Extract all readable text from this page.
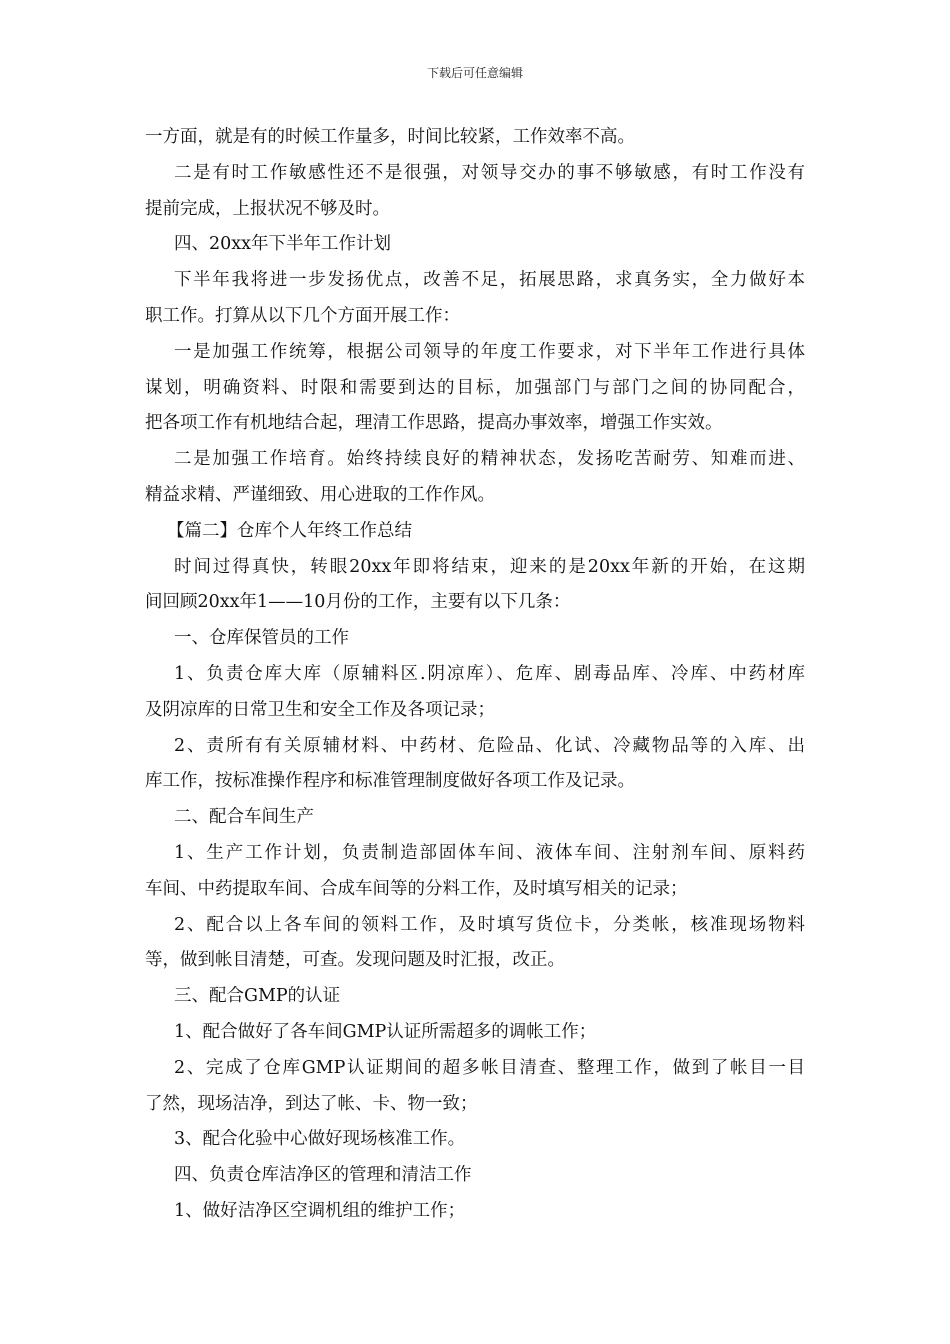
下载后可任意编辑
一方面，就是有的时候工作量多，时间比较紧，工作效率不高。
二是有时工作敏感性还不是很强，对领导交办的事不够敏感，有时工作没有
提前完成，上报状况不够及时。
四、20xx年下半年工作计划
下半年我将进一步发扬优点，改善不足，拓展思路，求真务实，全力做好本
职工作。打算从以下几个方面开展工作：
一是加强工作统筹，根据公司领导的年度工作要求，对下半年工作进行具体
谋划，明确资料、时限和需要到达的目标，加强部门与部门之间的协同配合，
把各项工作有机地结合起，理清工作思路，提高办事效率，增强工作实效。
二是加强工作培育。始终持续良好的精神状态，发扬吃苦耐劳、知难而进、
精益求精、严谨细致、用心进取的工作作风。
【篇二】仓库个人年终工作总结
时间过得真快，转眼20xx年即将结束，迎来的是20xx年新的开始，在这期
间回顾20xx年1——10月份的工作，主要有以下几条：
一、仓库保管员的工作
1、负责仓库大库（原辅料区.阴凉库）、危库、剧毒品库、冷库、中药材库
及阴凉库的日常卫生和安全工作及各项记录；
2、责所有有关原辅材料、中药材、危险品、化试、冷藏物品等的入库、出
库工作，按标准操作程序和标准管理制度做好各项工作及记录。
二、配合车间生产
1、生产工作计划，负责制造部固体车间、液体车间、注射剂车间、原料药
车间、中药提取车间、合成车间等的分料工作，及时填写相关的记录；
2、配合以上各车间的领料工作，及时填写货位卡，分类帐，核准现场物料
等，做到帐目清楚，可查。发现问题及时汇报，改正。
三、配合GMP的认证
1、配合做好了各车间GMP认证所需超多的调帐工作；
2、完成了仓库GMP认证期间的超多帐目清查、整理工作，做到了帐目一目
了然，现场洁净，到达了帐、卡、物一致；
3、配合化验中心做好现场核准工作。
四、负责仓库洁净区的管理和清洁工作
1、做好洁净区空调机组的维护工作；
